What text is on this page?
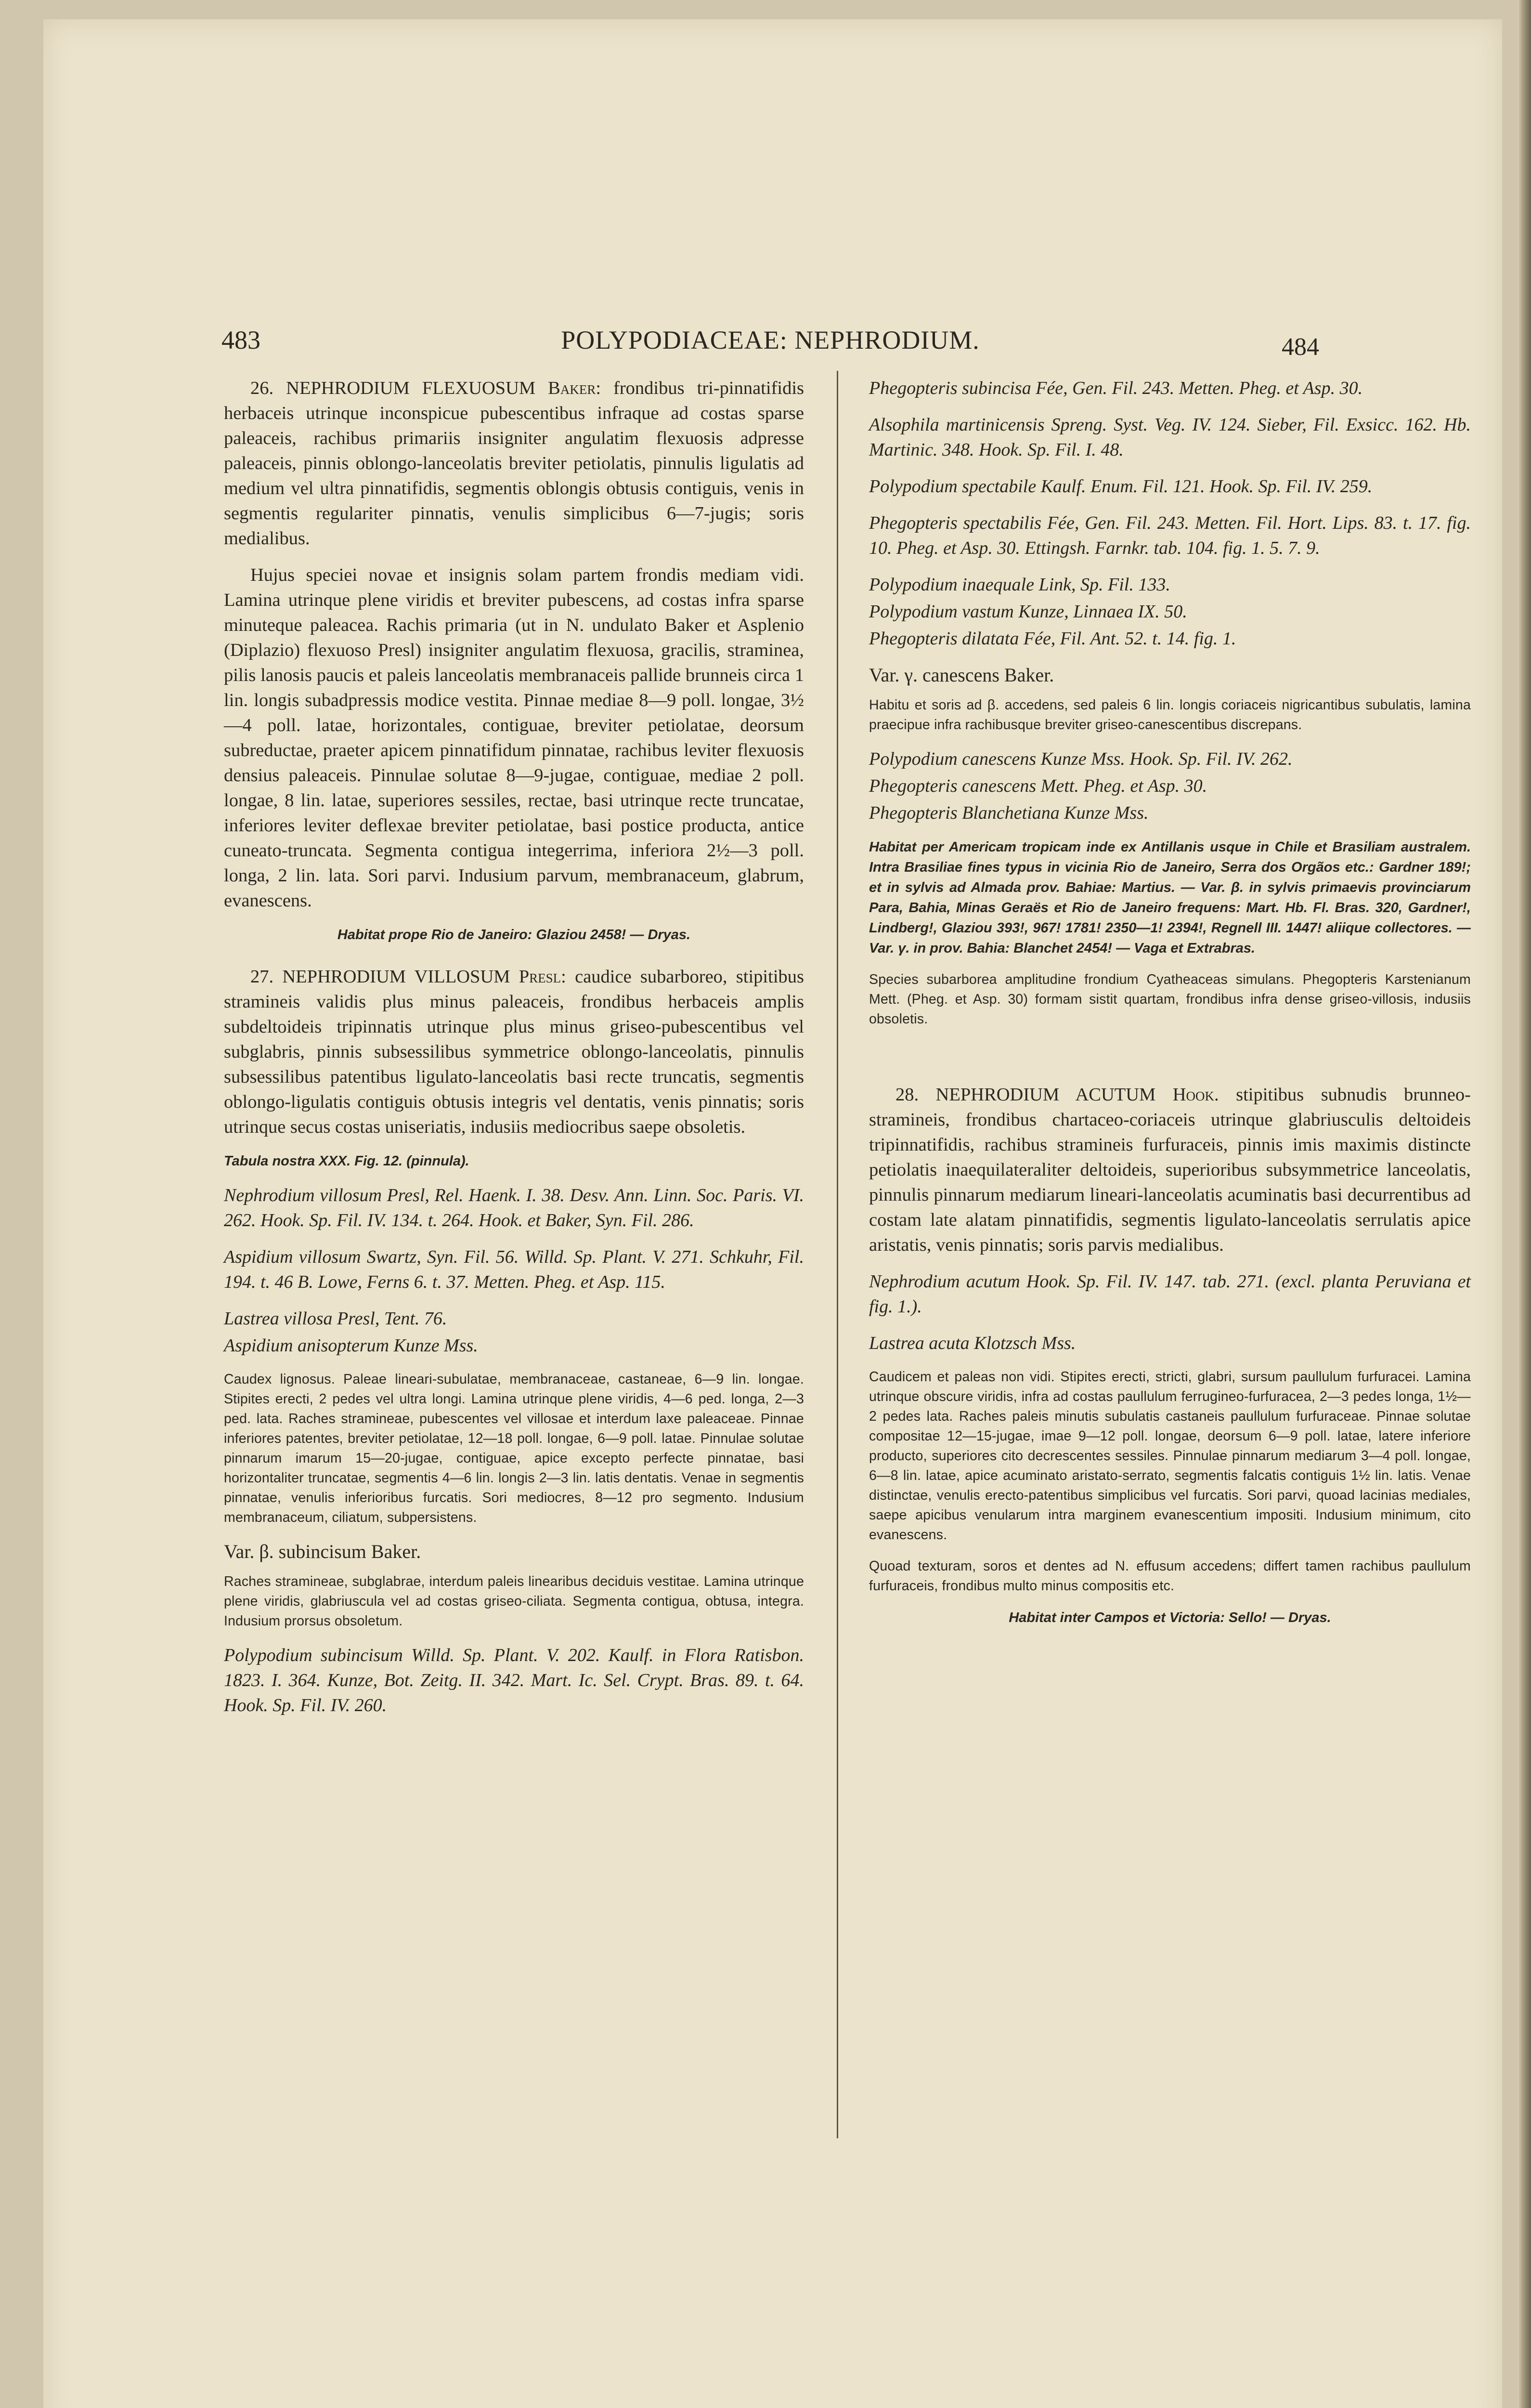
483	POLYPODIACEAE: NEPHRODIUM.	484

26. NEPHRODIUM FLEXUOSUM Baker: frondibus tri-pinnatifidis herbaceis utrinque inconspicue pubescentibus infraque ad costas sparse paleaceis, rachibus primariis insigniter angulatim flexuosis adpresse paleaceis, pinnis oblongo-lanceolatis breviter petiolatis, pinnulis ligulatis ad medium vel ultra pinnatifidis, segmentis oblongis obtusis contiguis, venis in segmentis regulariter pinnatis, venulis simplicibus 6—7-jugis; soris medialibus.

Hujus speciei novae et insignis solam partem frondis mediam vidi. Lamina utrinque plene viridis et breviter pubescens, ad costas infra sparse minuteque paleacea. Rachis primaria (ut in N. undulato Baker et Asplenio (Diplazio) flexuoso Presl) insigniter angulatim flexuosa, gracilis, straminea, pilis lanosis paucis et paleis lanceolatis membranaceis pallide brunneis circa 1 lin. longis subadpressis modice vestita. Pinnae mediae 8—9 poll. longae, 3½—4 poll. latae, horizontales, contiguae, breviter petiolatae, deorsum subreductae, praeter apicem pinnatifidum pinnatae, rachibus leviter flexuosis densius paleaceis. Pinnulae solutae 8—9-jugae, contiguae, mediae 2 poll. longae, 8 lin. latae, superiores sessiles, rectae, basi utrinque recte truncatae, inferiores leviter deflexae breviter petiolatae, basi postice producta, antice cuneato-truncata. Segmenta contigua integerrima, inferiora 2½—3 poll. longa, 2 lin. lata. Sori parvi. Indusium parvum, membranaceum, glabrum, evanescens.

Habitat prope Rio de Janeiro: Glaziou 2458! — Dryas.

27. NEPHRODIUM VILLOSUM Presl: caudice subarboreo, stipitibus stramineis validis plus minus paleaceis, frondibus herbaceis amplis subdeltoideis tripinnatis utrinque plus minus griseo-pubescentibus vel subglabris, pinnis subsessilibus symmetrice oblongo-lanceolatis, pinnulis subsessilibus patentibus ligulato-lanceolatis basi recte truncatis, segmentis oblongo-ligulatis contiguis obtusis integris vel dentatis, venis pinnatis; soris utrinque secus costas uniseriatis, indusiis mediocribus saepe obsoletis.

Tabula nostra XXX. Fig. 12. (pinnula).

Nephrodium villosum Presl, Rel. Haenk. I. 38. Desv. Ann. Linn. Soc. Paris. VI. 262. Hook. Sp. Fil. IV. 134. t. 264. Hook. et Baker, Syn. Fil. 286.

Aspidium villosum Swartz, Syn. Fil. 56. Willd. Sp. Plant. V. 271. Schkuhr, Fil. 194. t. 46 B. Lowe, Ferns 6. t. 37. Metten. Pheg. et Asp. 115.

Lastrea villosa Presl, Tent. 76.

Aspidium anisopterum Kunze Mss.

Caudex lignosus. Paleae lineari-subulatae, membranaceae, castaneae, 6—9 lin. longae. Stipites erecti, 2 pedes vel ultra longi. Lamina utrinque plene viridis, 4—6 ped. longa, 2—3 ped. lata. Raches stramineae, pubescentes vel villosae et interdum laxe paleaceae. Pinnae inferiores patentes, breviter petiolatae, 12—18 poll. longae, 6—9 poll. latae. Pinnulae solutae pinnarum imarum 15—20-jugae, contiguae, apice excepto perfecte pinnatae, basi horizontaliter truncatae, segmentis 4—6 lin. longis 2—3 lin. latis dentatis. Venae in segmentis pinnatae, venulis inferioribus furcatis. Sori mediocres, 8—12 pro segmento. Indusium membranaceum, ciliatum, subpersistens.

Var. β. subincisum Baker.

Raches stramineae, subglabrae, interdum paleis linearibus deciduis vestitae. Lamina utrinque plene viridis, glabriuscula vel ad costas griseo-ciliata. Segmenta contigua, obtusa, integra. Indusium prorsus obsoletum.

Polypodium subincisum Willd. Sp. Plant. V. 202. Kaulf. in Flora Ratisbon. 1823. I. 364. Kunze, Bot. Zeitg. II. 342. Mart. Ic. Sel. Crypt. Bras. 89. t. 64. Hook. Sp. Fil. IV. 260.

Phegopteris subincisa Fée, Gen. Fil. 243. Metten. Pheg. et Asp. 30.

Alsophila martinicensis Spreng. Syst. Veg. IV. 124. Sieber, Fil. Exsicc. 162. Hb. Martinic. 348. Hook. Sp. Fil. I. 48.

Polypodium spectabile Kaulf. Enum. Fil. 121. Hook. Sp. Fil. IV. 259.

Phegopteris spectabilis Fée, Gen. Fil. 243. Metten. Fil. Hort. Lips. 83. t. 17. fig. 10. Pheg. et Asp. 30. Ettingsh. Farnkr. tab. 104. fig. 1. 5. 7. 9.

Polypodium inaequale Link, Sp. Fil. 133.

Polypodium vastum Kunze, Linnaea IX. 50.

Phegopteris dilatata Fée, Fil. Ant. 52. t. 14. fig. 1.

Var. γ. canescens Baker.

Habitu et soris ad β. accedens, sed paleis 6 lin. longis coriaceis nigricantibus subulatis, lamina praecipue infra rachibusque breviter griseo-canescentibus discrepans.

Polypodium canescens Kunze Mss. Hook. Sp. Fil. IV. 262.

Phegopteris canescens Mett. Pheg. et Asp. 30.

Phegopteris Blanchetiana Kunze Mss.

Habitat per Americam tropicam inde ex Antillanis usque in Chile et Brasiliam australem. Intra Brasiliae fines typus in vicinia Rio de Janeiro, Serra dos Orgãos etc.: Gardner 189!; et in sylvis ad Almada prov. Bahiae: Martius. — Var. β. in sylvis primaevis provinciarum Para, Bahia, Minas Geraës et Rio de Janeiro frequens: Mart. Hb. Fl. Bras. 320, Gardner!, Lindberg!, Glaziou 393!, 967! 1781! 2350—1! 2394!, Regnell III. 1447! aliique collectores. — Var. γ. in prov. Bahia: Blanchet 2454! — Vaga et Extrabras.

Species subarborea amplitudine frondium Cyatheaceas simulans. Phegopteris Karstenianum Mett. (Pheg. et Asp. 30) formam sistit quartam, frondibus infra dense griseo-villosis, indusiis obsoletis.

28. NEPHRODIUM ACUTUM Hook. stipitibus subnudis brunneo-stramineis, frondibus chartaceo-coriaceis utrinque glabriusculis deltoideis tripinnatifidis, rachibus stramineis furfuraceis, pinnis imis maximis distincte petiolatis inaequilateraliter deltoideis, superioribus subsymmetrice lanceolatis, pinnulis pinnarum mediarum lineari-lanceolatis acuminatis basi decurrentibus ad costam late alatam pinnatifidis, segmentis ligulato-lanceolatis serrulatis apice aristatis, venis pinnatis; soris parvis medialibus.

Nephrodium acutum Hook. Sp. Fil. IV. 147. tab. 271. (excl. planta Peruviana et fig. 1.).

Lastrea acuta Klotzsch Mss.

Caudicem et paleas non vidi. Stipites erecti, stricti, glabri, sursum paullulum furfuracei. Lamina utrinque obscure viridis, infra ad costas paullulum ferrugineo-furfuracea, 2—3 pedes longa, 1½—2 pedes lata. Raches paleis minutis subulatis castaneis paullulum furfuraceae. Pinnae solutae compositae 12—15-jugae, imae 9—12 poll. longae, deorsum 6—9 poll. latae, latere inferiore producto, superiores cito decrescentes sessiles. Pinnulae pinnarum mediarum 3—4 poll. longae, 6—8 lin. latae, apice acuminato aristato-serrato, segmentis falcatis contiguis 1½ lin. latis. Venae distinctae, venulis erecto-patentibus simplicibus vel furcatis. Sori parvi, quoad lacinias mediales, saepe apicibus venularum intra marginem evanescentium impositi. Indusium minimum, cito evanescens.

Quoad texturam, soros et dentes ad N. effusum accedens; differt tamen rachibus paullulum furfuraceis, frondibus multo minus compositis etc.

Habitat inter Campos et Victoria: Sello! — Dryas.
